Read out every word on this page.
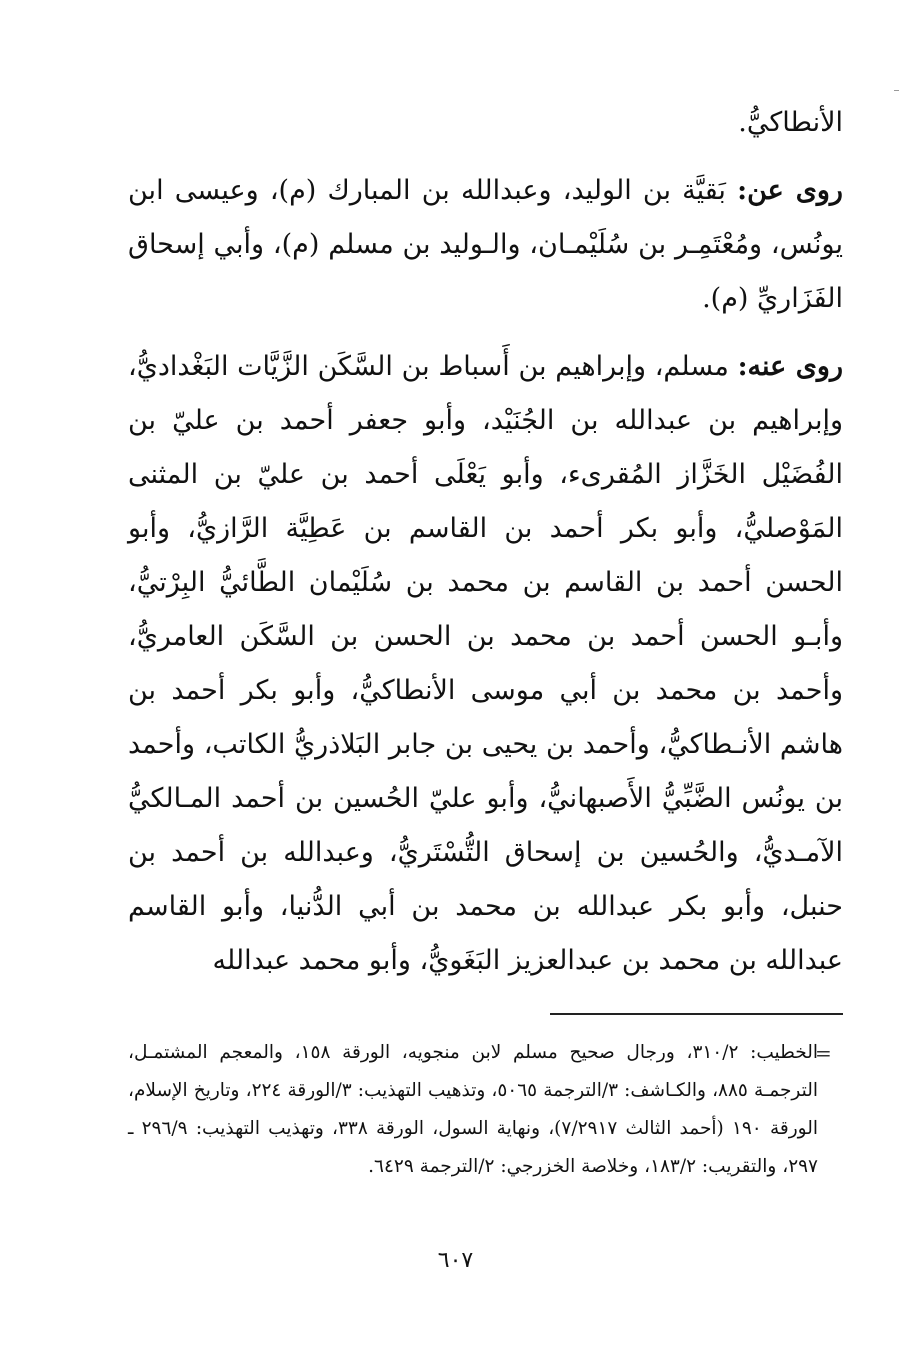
الأنطاكيُّ.

روى عن: بَقيَّة بن الوليد، وعبدالله بن المبارك (م)، وعيسى ابن يونُس، ومُعْتَمِـر بن سُلَيْمـان، والـوليد بن مسلم (م)، وأبي إسحاق الفَزَاريِّ (م).

روى عنه: مسلم، وإبراهيم بن أَسباط بن السَّكَن الزَّيَّات البَغْداديُّ، وإبراهيم بن عبدالله بن الجُنَيْد، وأبو جعفر أحمد بن عليّ بن الفُضَيْل الخَزَّاز المُقرىء، وأبو يَعْلَى أحمد بن عليّ بن المثنى المَوْصليُّ، وأبو بكر أحمد بن القاسم بن عَطِيَّة الرَّازيُّ، وأبو الحسن أحمد بن القاسم بن محمد بن سُلَيْمان الطَّائيُّ البِرْتيُّ، وأبـو الحسن أحمد بن محمد بن الحسن بن السَّكَن العامريُّ، وأحمد بن محمد بن أبي موسى الأنطاكيُّ، وأبو بكر أحمد بن هاشم الأنـطاكيُّ، وأحمد بن يحيى بن جابر البَلاذريُّ الكاتب، وأحمد بن يونُس الضَّبِّيُّ الأَصبهانيُّ، وأبو عليّ الحُسين بن أحمد المـالكيُّ الآمـديُّ، والحُسين بن إسحاق التُّسْتَريُّ، وعبدالله بن أحمد بن حنبل، وأبو بكر عبدالله بن محمد بن أبي الدُّنيا، وأبو القاسم عبدالله بن محمد بن عبدالعزيز البَغَويُّ، وأبو محمد عبدالله

=

الخطيب: ٣١٠/٢، ورجال صحيح مسلم لابن منجويه، الورقة ١٥٨، والمعجم المشتمـل، الترجمـة ٨٨٥، والكـاشف: ٣/الترجمة ٥٠٦٥، وتذهيب التهذيب: ٣/الورقة ٢٢٤، وتاريخ الإسلام، الورقة ١٩٠ (أحمد الثالث ٧/٢٩١٧)، ونهاية السول، الورقة ٣٣٨، وتهذيب التهذيب: ٢٩٦/٩ ـ ٢٩٧، والتقريب: ١٨٣/٢، وخلاصة الخزرجي: ٢/الترجمة ٦٤٢٩.

٦٠٧
